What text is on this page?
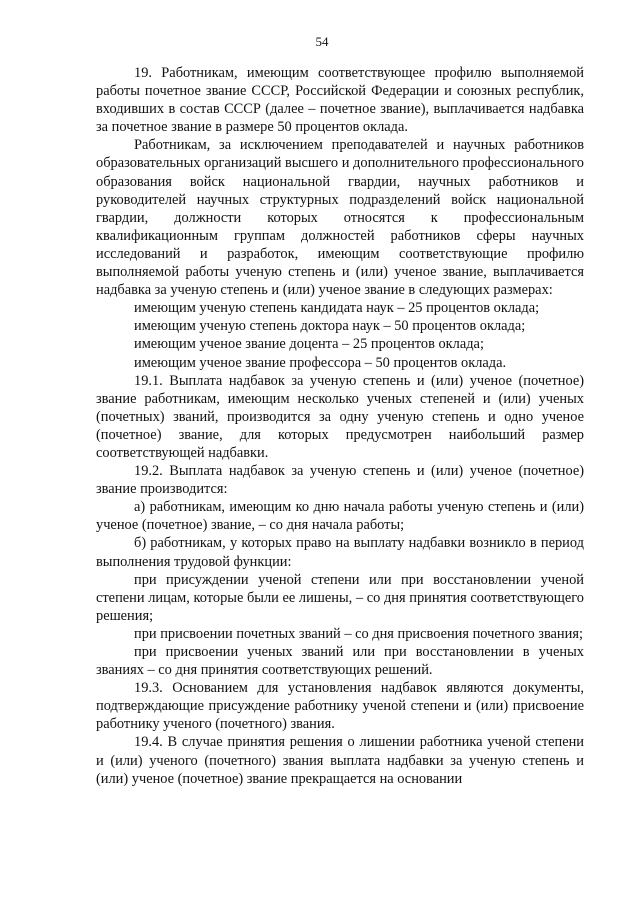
54

19. Работникам, имеющим соответствующее профилю выполняемой работы почетное звание СССР, Российской Федерации и союзных республик, входивших в состав СССР (далее – почетное звание), выплачивается надбавка за почетное звание в размере 50 процентов оклада.

Работникам, за исключением преподавателей и научных работников образовательных организаций высшего и дополнительного профессионального образования войск национальной гвардии, научных работников и руководителей научных структурных подразделений войск национальной гвардии, должности которых относятся к профессиональным квалификационным группам должностей работников сферы научных исследований и разработок, имеющим соответствующие профилю выполняемой работы ученую степень и (или) ученое звание, выплачивается надбавка за ученую степень и (или) ученое звание в следующих размерах:

имеющим ученую степень кандидата наук – 25 процентов оклада;

имеющим ученую степень доктора наук – 50 процентов оклада;

имеющим ученое звание доцента – 25 процентов оклада;

имеющим ученое звание профессора – 50 процентов оклада.

19.1. Выплата надбавок за ученую степень и (или) ученое (почетное) звание работникам, имеющим несколько ученых степеней и (или) ученых (почетных) званий, производится за одну ученую степень и одно ученое (почетное) звание, для которых предусмотрен наибольший размер соответствующей надбавки.

19.2. Выплата надбавок за ученую степень и (или) ученое (почетное) звание производится:

а) работникам, имеющим ко дню начала работы ученую степень и (или) ученое (почетное) звание, – со дня начала работы;

б) работникам, у которых право на выплату надбавки возникло в период выполнения трудовой функции:

при присуждении ученой степени или при восстановлении ученой степени лицам, которые были ее лишены, – со дня принятия соответствующего решения;

при присвоении почетных званий – со дня присвоения почетного звания;

при присвоении ученых званий или при восстановлении в ученых званиях – со дня принятия соответствующих решений.

19.3. Основанием для установления надбавок являются документы, подтверждающие присуждение работнику ученой степени и (или) присвоение работнику ученого (почетного) звания.

19.4. В случае принятия решения о лишении работника ученой степени и (или) ученого (почетного) звания выплата надбавки за ученую степень и (или) ученое (почетное) звание прекращается на основании
